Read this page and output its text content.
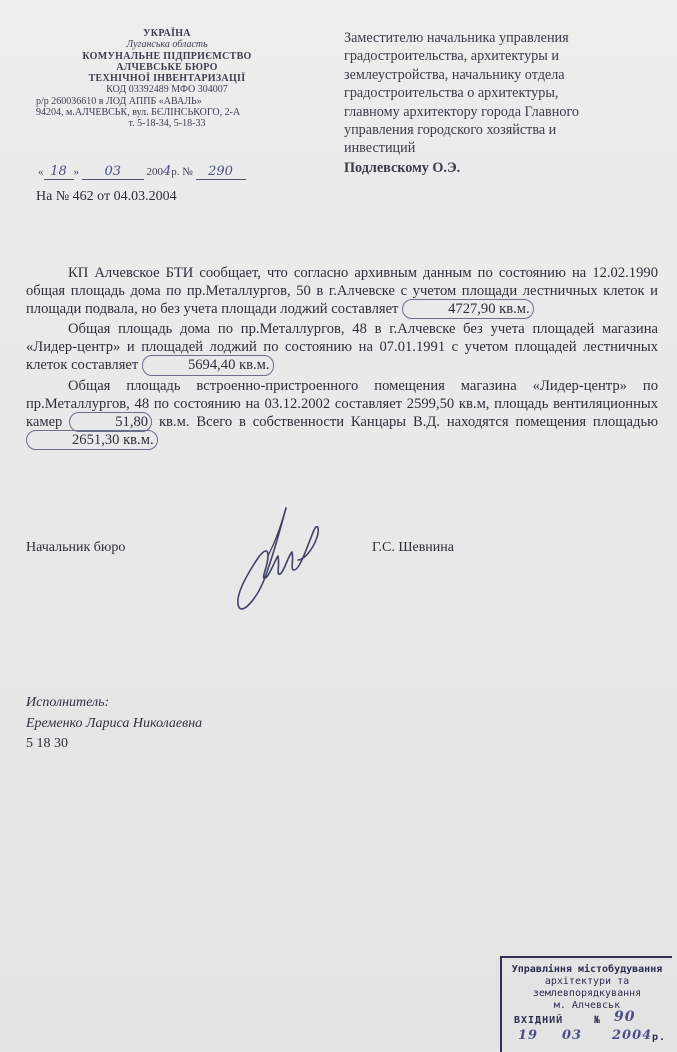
УКРАЇНА
Луганська область
КОМУНАЛЬНЕ ПІДПРИЄМСТВО
АЛЧЕВСЬКЕ БЮРО
ТЕХНІЧНОЇ ІНВЕНТАРИЗАЦІЇ
КОД 03392489 МФО 304007
р/р 260036610 в ЛОД АППБ «АВАЛЬ»
94204, м.АЛЧЕВСЬК, вул. БЄЛІНСЬКОГО, 2-А
т. 5-18-34, 5-18-33
« 18 » 03 2004р. № 290
На № 462 от 04.03.2004
Заместителю начальника управления
градостроительства, архитектуры и
землеустройства, начальнику отдела
градостроительства о архитектуры,
главному архитектору города Главного
управления городского хозяйства и
инвестиций
Подлевскому О.Э.

КП Алчевское БТИ сообщает, что согласно архивным данным по состоянию на 12.02.1990 общая площадь дома по пр.Металлургов, 50 в г.Алчевске с учетом площади лестничных клеток и площади подвала, но без учета площади лоджий составляет	4727,90 кв.м.

Общая площадь дома по пр.Металлургов, 48 в г.Алчевске без учета площадей магазина «Лидер-центр» и площадей лоджий по состоянию на 07.01.1991 с учетом площадей лестничных клеток составляет	5694,40 кв.м.

Общая площадь встроенно-пристроенного помещения магазина «Лидер-центр» по пр.Металлургов, 48 по состоянию на 03.12.2002 составляет 2599,50 кв.м, площадь вентиляционных камер	51,80 кв.м. Всего в собственности Канцары В.Д. находятся помещения площадью 2651,30 кв.м.

Начальник бюро	Г.С. Шевнина
Исполнитель:
Еременко Лариса Николаевна
5 18 30
Управління містобудування
архітектури та
землевпорядкування
м. Алчевськ
ВХІДНИЙ	№ 90
19 03 2004 р.
